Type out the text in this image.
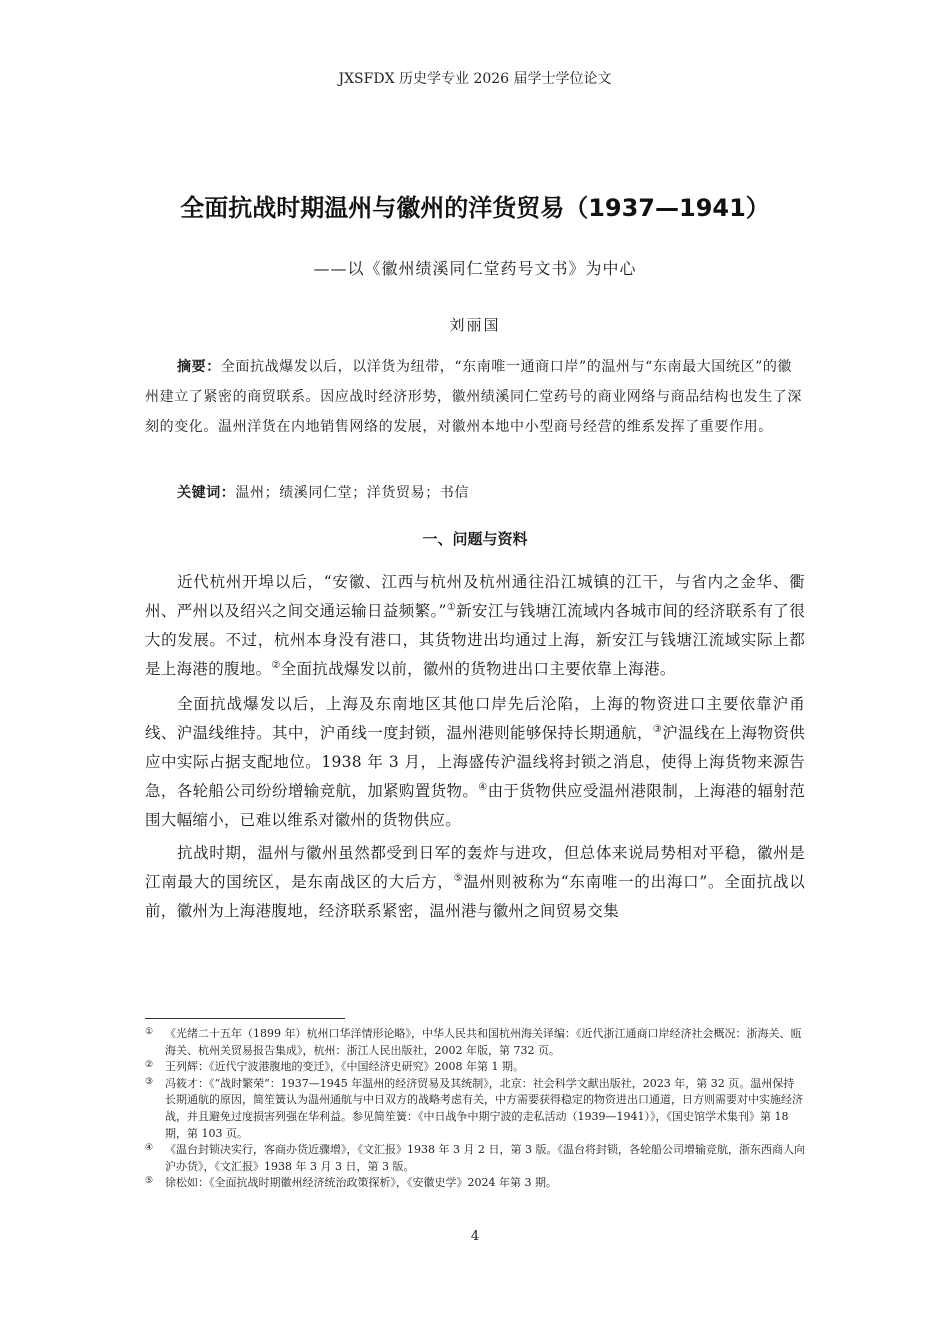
JXSFDX 历史学专业 2026 届学士学位论文
全面抗战时期温州与徽州的洋货贸易（1937—1941）
——以《徽州绩溪同仁堂药号文书》为中心
刘丽国

摘要：全面抗战爆发以后，以洋货为纽带，“东南唯一通商口岸”的温州与“东南最大国统区”的徽州建立了紧密的商贸联系。因应战时经济形势，徽州绩溪同仁堂药号的商业网络与商品结构也发生了深刻的变化。温州洋货在内地销售网络的发展，对徽州本地中小型商号经营的维系发挥了重要作用。

关键词：温州；绩溪同仁堂；洋货贸易；书信

一、问题与资料

近代杭州开埠以后，“安徽、江西与杭州及杭州通往沿江城镇的江干，与省内之金华、衢州、严州以及绍兴之间交通运输日益频繁。”①新安江与钱塘江流域内各城市间的经济联系有了很大的发展。不过，杭州本身没有港口，其货物进出均通过上海，新安江与钱塘江流域实际上都是上海港的腹地。②全面抗战爆发以前，徽州的货物进出口主要依靠上海港。

全面抗战爆发以后，上海及东南地区其他口岸先后沦陷，上海的物资进口主要依靠沪甬线、沪温线维持。其中，沪甬线一度封锁，温州港则能够保持长期通航，③沪温线在上海物资供应中实际占据支配地位。1938 年 3 月，上海盛传沪温线将封锁之消息，使得上海货物来源告急，各轮船公司纷纷增输竞航，加紧购置货物。④由于货物供应受温州港限制，上海港的辐射范围大幅缩小，已难以维系对徽州的货物供应。

抗战时期，温州与徽州虽然都受到日军的轰炸与进攻，但总体来说局势相对平稳，徽州是江南最大的国统区，是东南战区的大后方，⑤温州则被称为“东南唯一的出海口”。全面抗战以前，徽州为上海港腹地，经济联系紧密，温州港与徽州之间贸易交集

① 《光绪二十五年（1899 年）杭州口华洋情形论略》，中华人民共和国杭州海关译编：《近代浙江通商口岸经济社会概况：浙海关、瓯海关、杭州关贸易报告集成》，杭州：浙江人民出版社，2002 年版，第 732 页。

② 王列辉：《近代宁波港腹地的变迁》，《中国经济史研究》2008 年第 1 期。

③ 冯筱才：《“战时繁荣”：1937—1945 年温州的经济贸易及其统制》，北京：社会科学文献出版社，2023 年，第 32 页。温州保持长期通航的原因，简笙簧认为温州通航与中日双方的战略考虑有关，中方需要获得稳定的物资进出口通道，日方则需要对中实施经济战，并且避免过度损害列强在华利益。参见简笙簧：《中日战争中期宁波的走私活动（1939—1941）》，《国史馆学术集刊》第 18 期，第 103 页。

④ 《温台封锁决实行，客商办货近骤增》，《文汇报》1938 年 3 月 2 日，第 3 版。《温台将封锁，各轮船公司增输竞航，浙东西商人向沪办货》，《文汇报》1938 年 3 月 3 日，第 3 版。

⑤ 徐松如：《全面抗战时期徽州经济统治政策探析》，《安徽史学》2024 年第 3 期。

4
